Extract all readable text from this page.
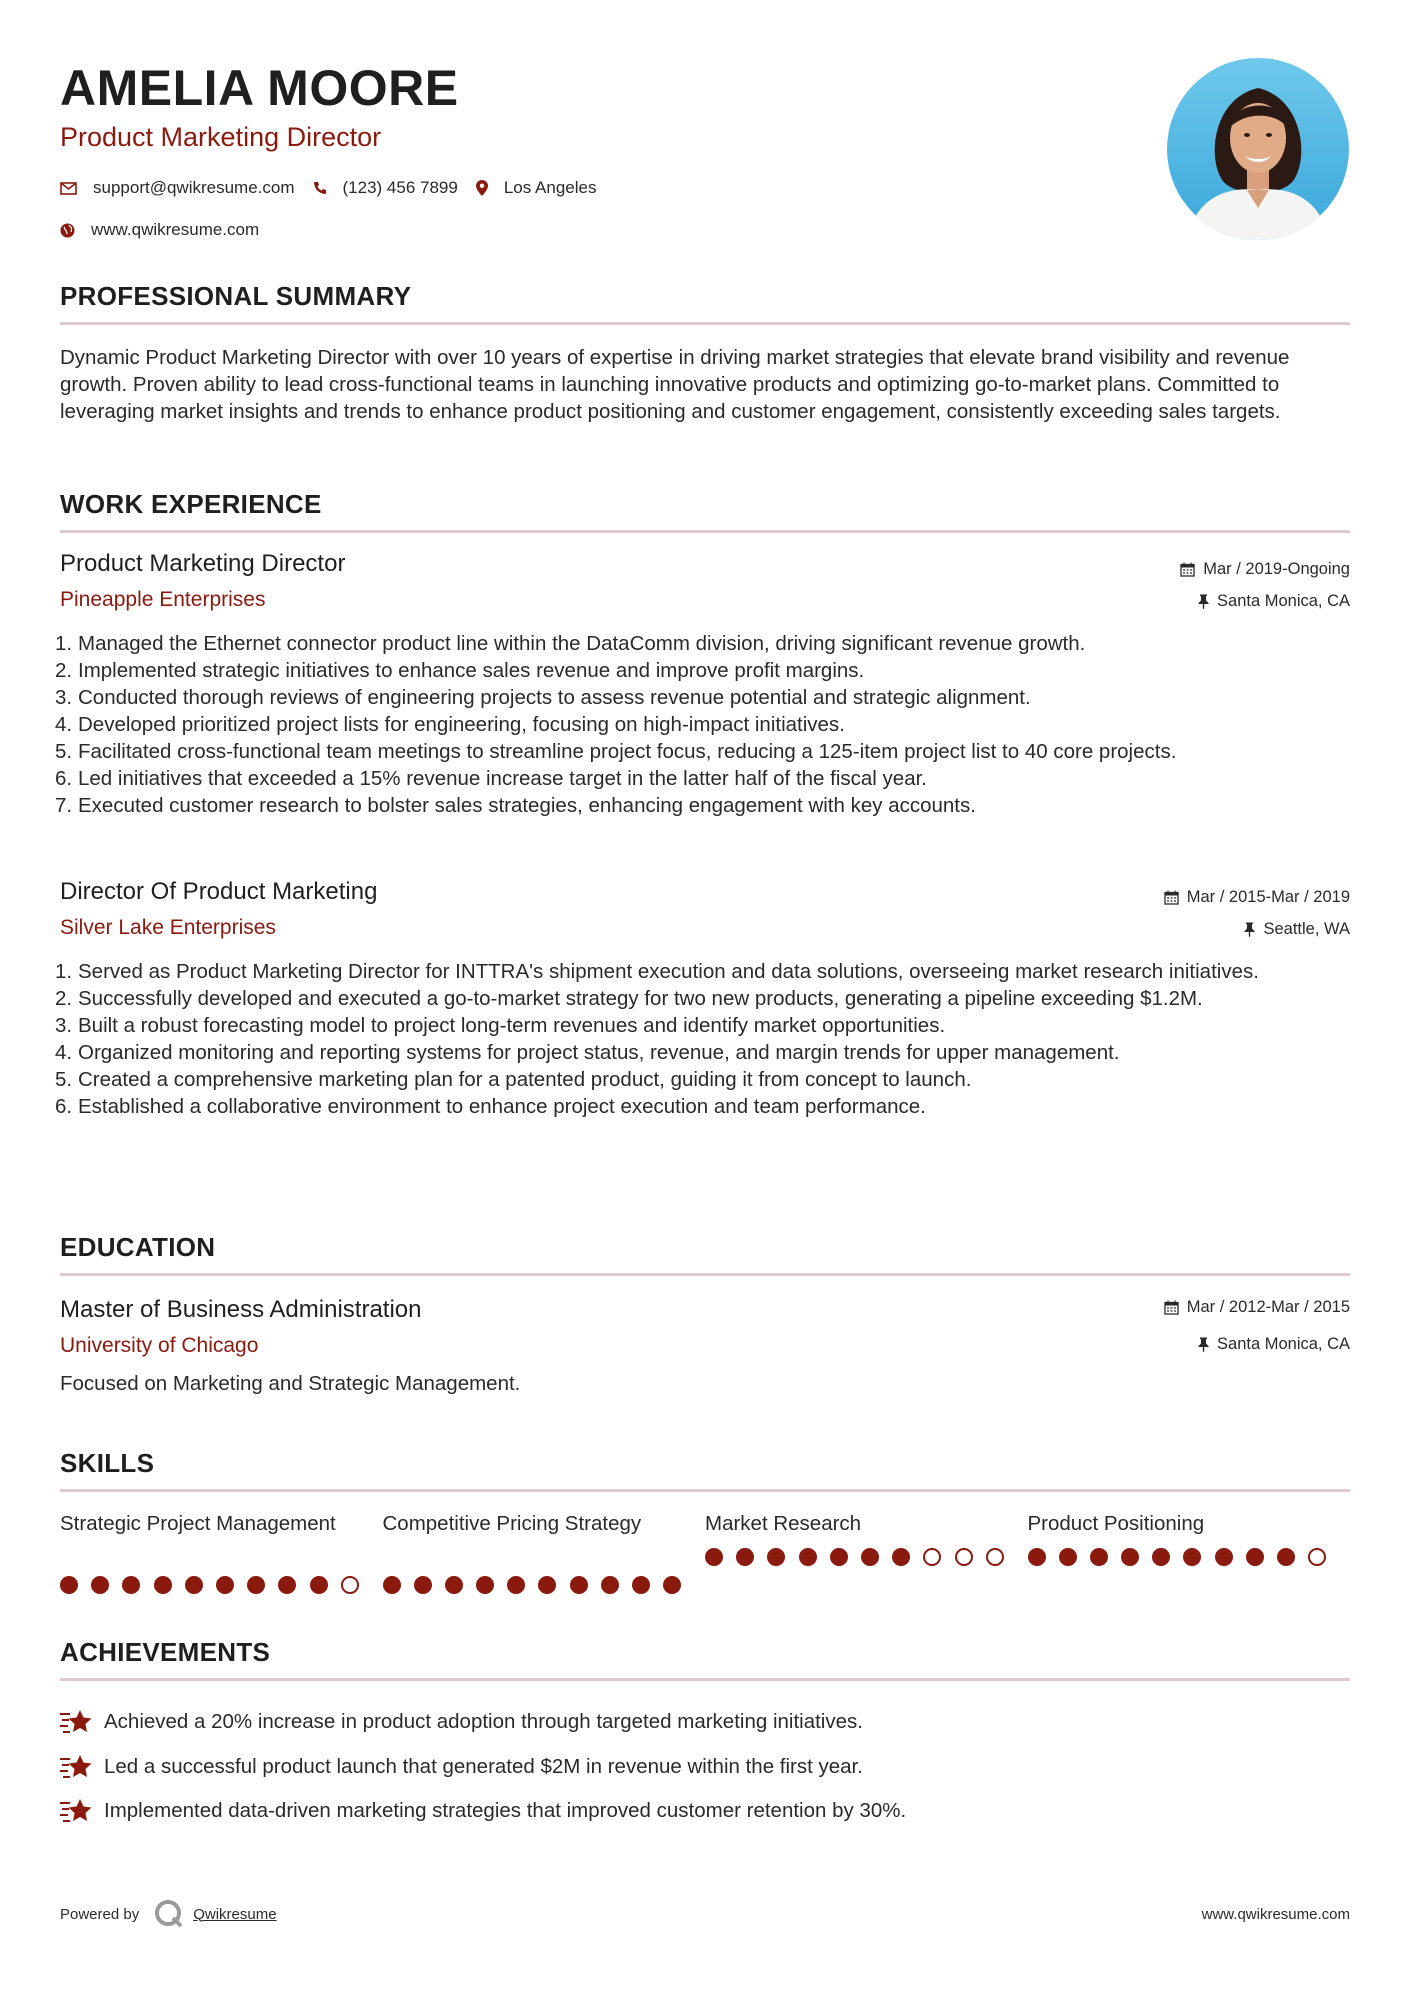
AMELIA MOORE
Product Marketing Director
support@qwikresume.com	(123) 456 7899	Los Angeles
www.qwikresume.com
PROFESSIONAL SUMMARY
Dynamic Product Marketing Director with over 10 years of expertise in driving market strategies that elevate brand visibility and revenue growth. Proven ability to lead cross-functional teams in launching innovative products and optimizing go-to-market plans. Committed to leveraging market insights and trends to enhance product positioning and customer engagement, consistently exceeding sales targets.
WORK EXPERIENCE
Product Marketing Director	Mar / 2019-Ongoing
Pineapple Enterprises	Santa Monica, CA
Managed the Ethernet connector product line within the DataComm division, driving significant revenue growth.
Implemented strategic initiatives to enhance sales revenue and improve profit margins.
Conducted thorough reviews of engineering projects to assess revenue potential and strategic alignment.
Developed prioritized project lists for engineering, focusing on high-impact initiatives.
Facilitated cross-functional team meetings to streamline project focus, reducing a 125-item project list to 40 core projects.
Led initiatives that exceeded a 15% revenue increase target in the latter half of the fiscal year.
Executed customer research to bolster sales strategies, enhancing engagement with key accounts.
Director Of Product Marketing	Mar / 2015-Mar / 2019
Silver Lake Enterprises	Seattle, WA
Served as Product Marketing Director for INTTRA's shipment execution and data solutions, overseeing market research initiatives.
Successfully developed and executed a go-to-market strategy for two new products, generating a pipeline exceeding $1.2M.
Built a robust forecasting model to project long-term revenues and identify market opportunities.
Organized monitoring and reporting systems for project status, revenue, and margin trends for upper management.
Created a comprehensive marketing plan for a patented product, guiding it from concept to launch.
Established a collaborative environment to enhance project execution and team performance.
EDUCATION
Master of Business Administration	Mar / 2012-Mar / 2015
University of Chicago	Santa Monica, CA
Focused on Marketing and Strategic Management.
SKILLS
Strategic Project Management	Competitive Pricing Strategy	Market Research	Product Positioning
ACHIEVEMENTS
Achieved a 20% increase in product adoption through targeted marketing initiatives.
Led a successful product launch that generated $2M in revenue within the first year.
Implemented data-driven marketing strategies that improved customer retention by 30%.
Powered by	Qwikresume	www.qwikresume.com
